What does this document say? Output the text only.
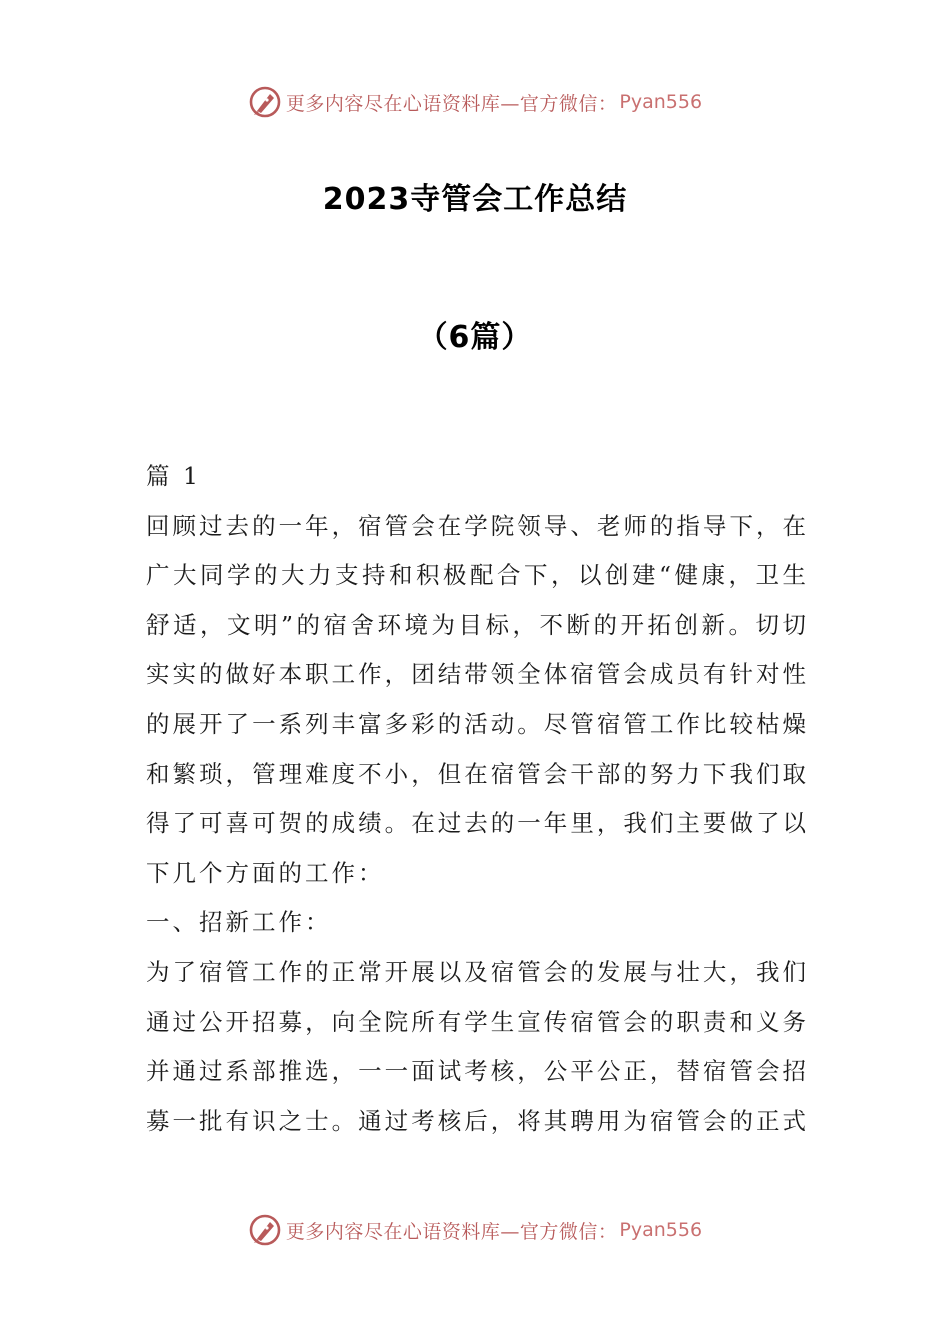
更多内容尽在心语资料库—官方微信： Pyan556
2023寺管会工作总结
（6篇）
篇 1
回顾过去的一年，宿管会在学院领导、老师的指导下，在
广大同学的大力支持和积极配合下，以创建“健康，卫生
舒适，文明”的宿舍环境为目标，不断的开拓创新。切切
实实的做好本职工作，团结带领全体宿管会成员有针对性
的展开了一系列丰富多彩的活动。尽管宿管工作比较枯燥
和繁琐，管理难度不小，但在宿管会干部的努力下我们取
得了可喜可贺的成绩。在过去的一年里，我们主要做了以
下几个方面的工作：
一、招新工作：
为了宿管工作的正常开展以及宿管会的发展与壮大，我们
通过公开招募，向全院所有学生宣传宿管会的职责和义务
并通过系部推选，一一面试考核，公平公正，替宿管会招
募一批有识之士。通过考核后，将其聘用为宿管会的正式
更多内容尽在心语资料库—官方微信： Pyan556
